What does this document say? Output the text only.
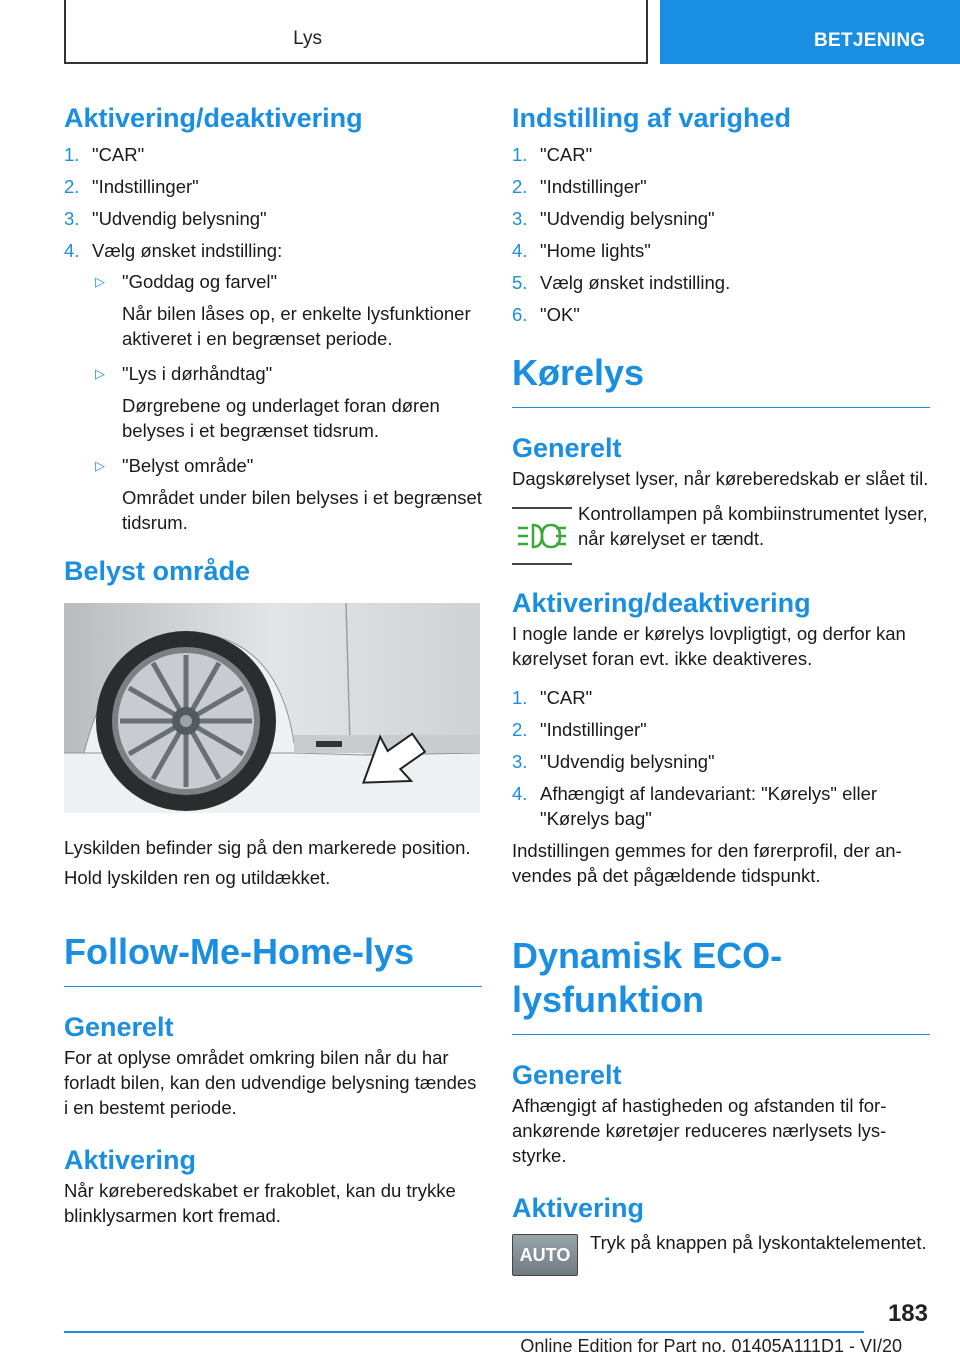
Lys	BETJENING
Aktivering/deaktivering
1. "CAR"
2. "Indstillinger"
3. "Udvendig belysning"
4. Vælg ønsket indstilling:
▷ "Goddag og farvel"
Når bilen låses op, er enkelte lysfunktioner aktiveret i en begrænset periode.
▷ "Lys i dørhåndtag"
Dørgrebene og underlaget foran døren belyses i et begrænset tidsrum.
▷ "Belyst område"
Området under bilen belyses i et begrænset tidsrum.
Belyst område

Lyskilden befinder sig på den markerede position.

Hold lyskilden ren og utildækket.

Follow-Me-Home-lys
Generelt

For at oplyse området omkring bilen når du har forladt bilen, kan den udvendige belysning tændes i en bestemt periode.

Aktivering

Når køreberedskabet er frakoblet, kan du trykke blinklysarmen kort fremad.

Indstilling af varighed
1. "CAR"
2. "Indstillinger"
3. "Udvendig belysning"
4. "Home lights"
5. Vælg ønsket indstilling.
6. "OK"
Kørelys
Generelt

Dagskørelyset lyser, når køreberedskab er slået til.

Kontrollampen på kombiinstrumentet lyser, når kørelyset er tændt.

Aktivering/deaktivering

I nogle lande er kørelys lovpligtigt, og derfor kan kørelyset foran evt. ikke deaktiveres.

1. "CAR"
2. "Indstillinger"
3. "Udvendig belysning"
4. Afhængigt af landevariant: "Kørelys" eller "Kørelys bag"

Indstillingen gemmes for den førerprofil, der anvendes på det pågældende tidspunkt.

Dynamisk ECO-lysfunktion
Generelt

Afhængigt af hastigheden og afstanden til forankørende køretøjer reduceres nærlysets lysstyrke.

Aktivering
AUTO

Tryk på knappen på lyskontaktelementet.

183
Online Edition for Part no. 01405A111D1 - VI/20
